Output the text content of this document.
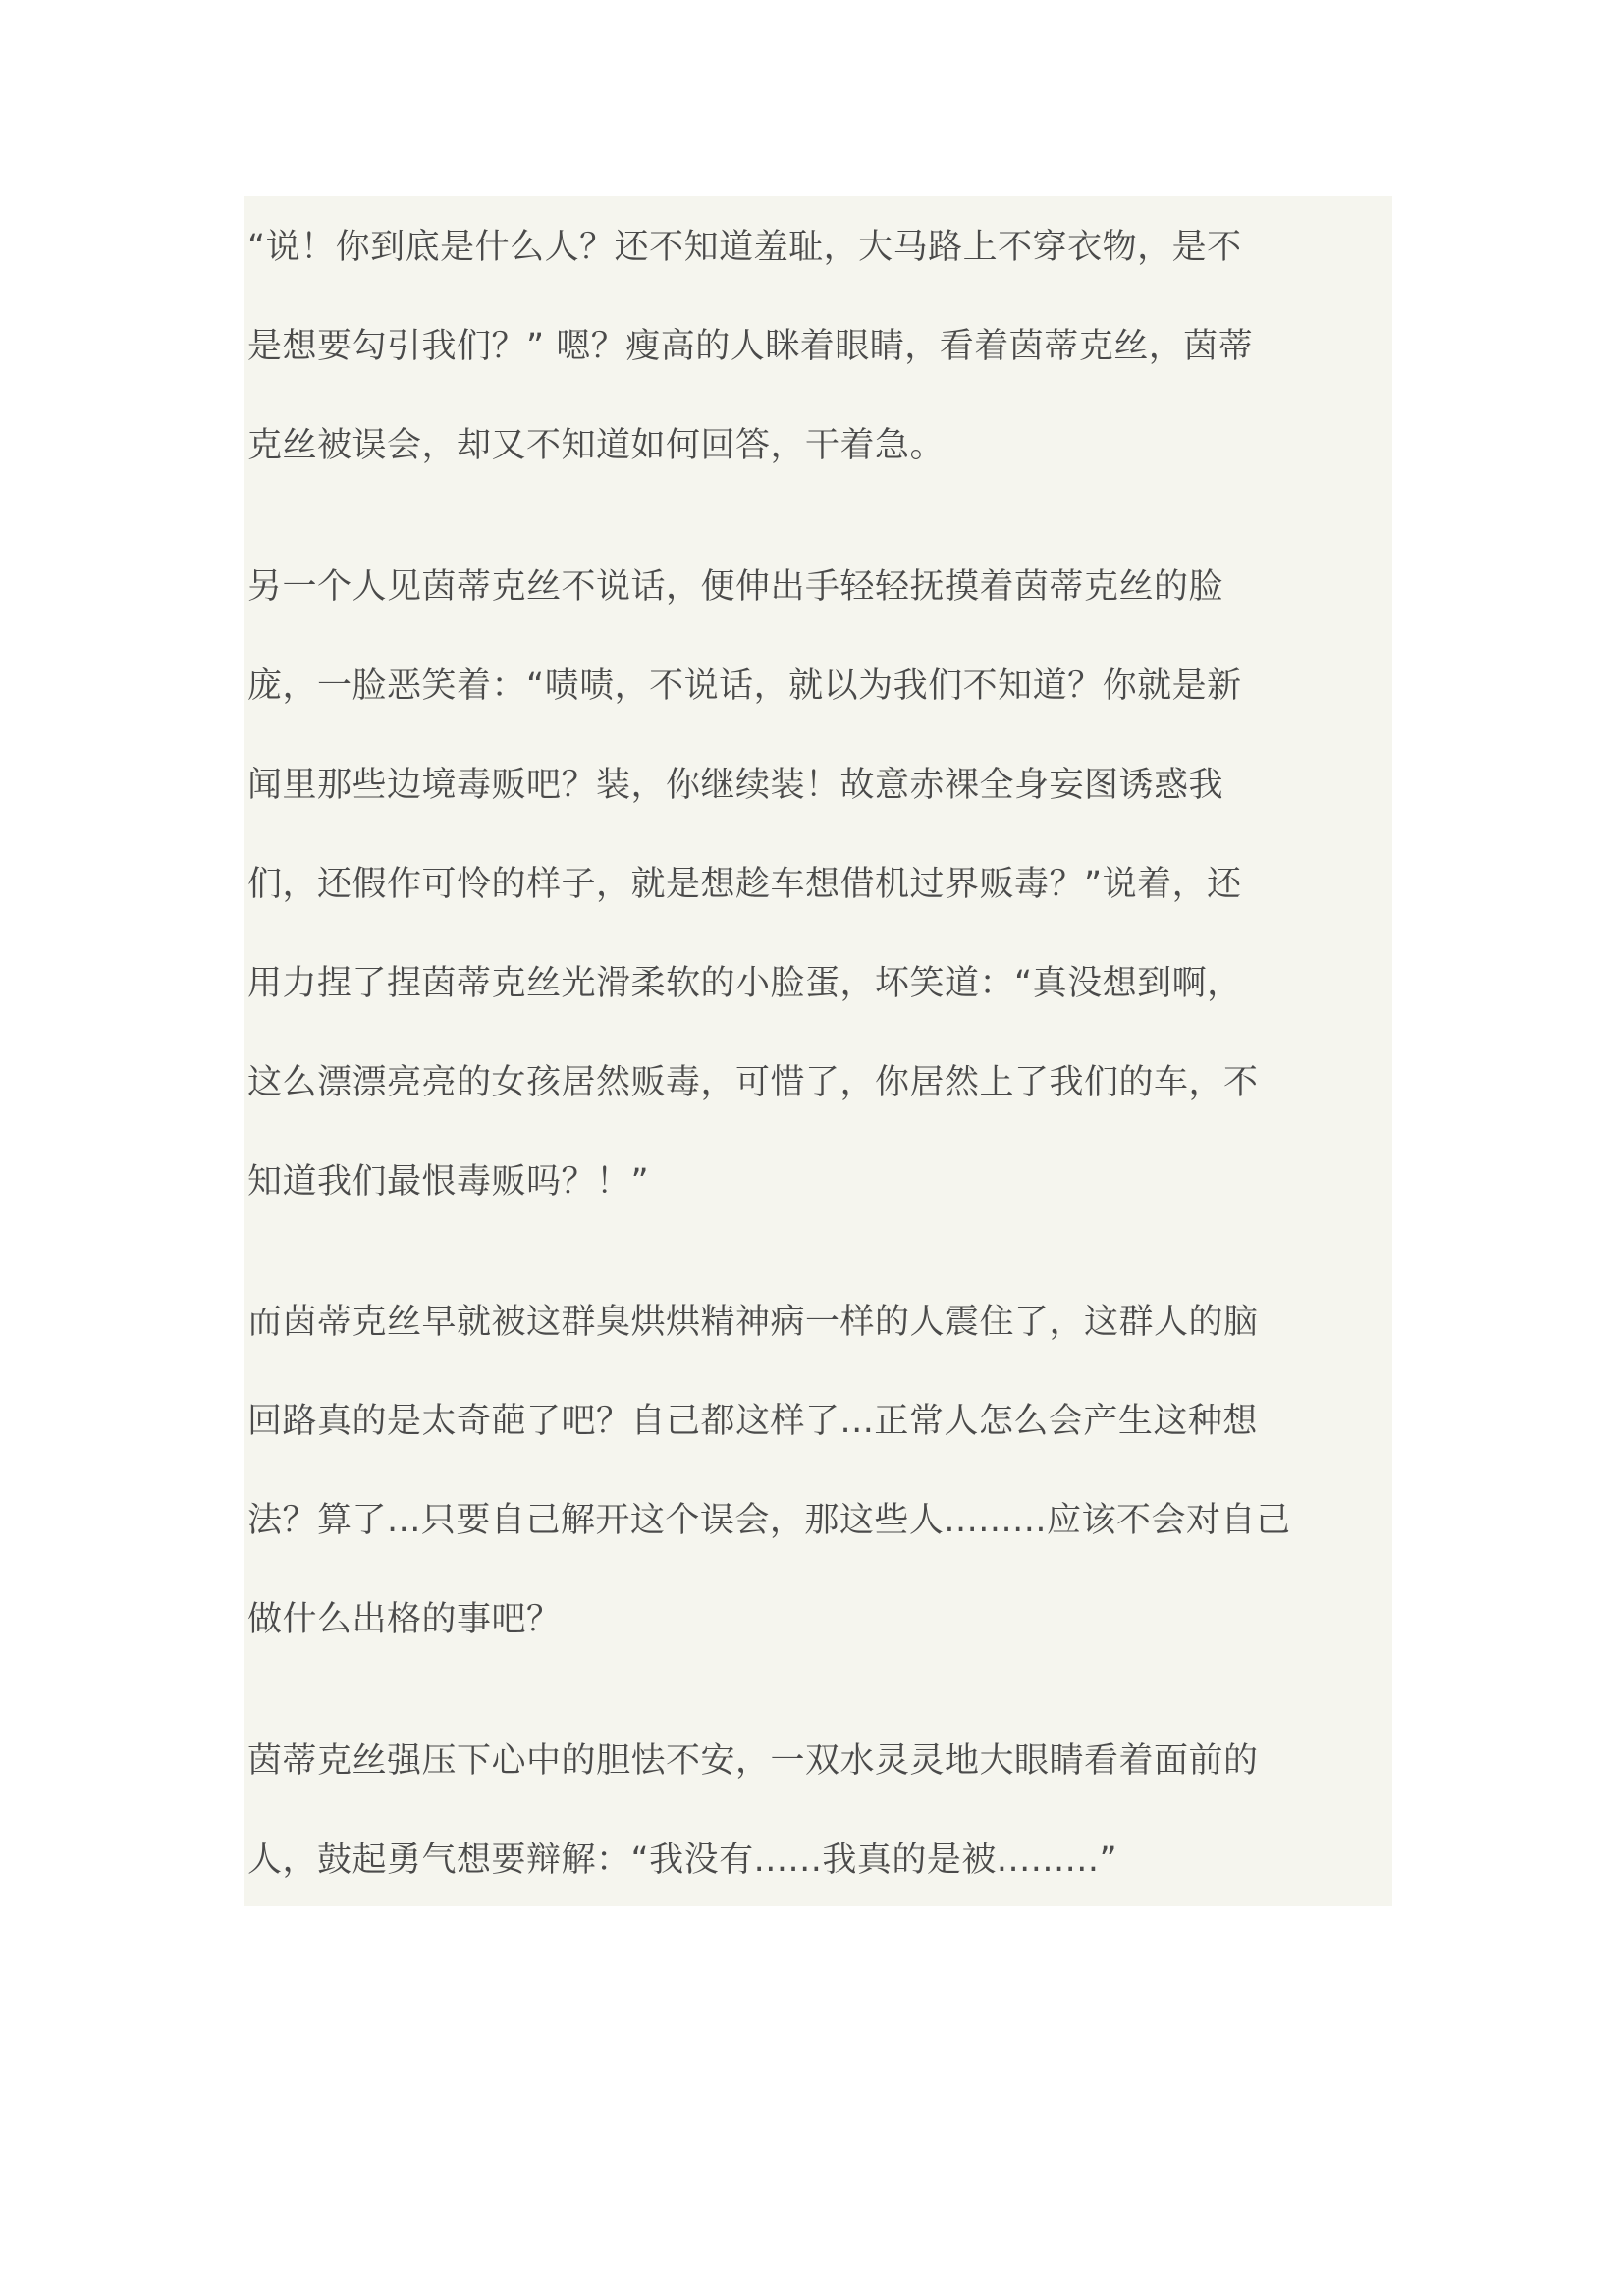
“说！你到底是什么人？还不知道羞耻，大马路上不穿衣物，是不
是想要勾引我们？” 嗯？瘦高的人眯着眼睛，看着茵蒂克丝，茵蒂
克丝被误会，却又不知道如何回答，干着急。
另一个人见茵蒂克丝不说话，便伸出手轻轻抚摸着茵蒂克丝的脸
庞，一脸恶笑着：“啧啧，不说话，就以为我们不知道？你就是新
闻里那些边境毒贩吧？装，你继续装！故意赤裸全身妄图诱惑我
们，还假作可怜的样子，就是想趁车想借机过界贩毒？”说着，还
用力捏了捏茵蒂克丝光滑柔软的小脸蛋，坏笑道：“真没想到啊，
这么漂漂亮亮的女孩居然贩毒，可惜了，你居然上了我们的车，不
知道我们最恨毒贩吗？！”
而茵蒂克丝早就被这群臭烘烘精神病一样的人震住了，这群人的脑
回路真的是太奇葩了吧？自己都这样了...正常人怎么会产生这种想
法？算了...只要自己解开这个误会，那这些人.........应该不会对自己
做什么出格的事吧？
茵蒂克丝强压下心中的胆怯不安，一双水灵灵地大眼睛看着面前的
人，鼓起勇气想要辩解：“我没有......我真的是被.........”
